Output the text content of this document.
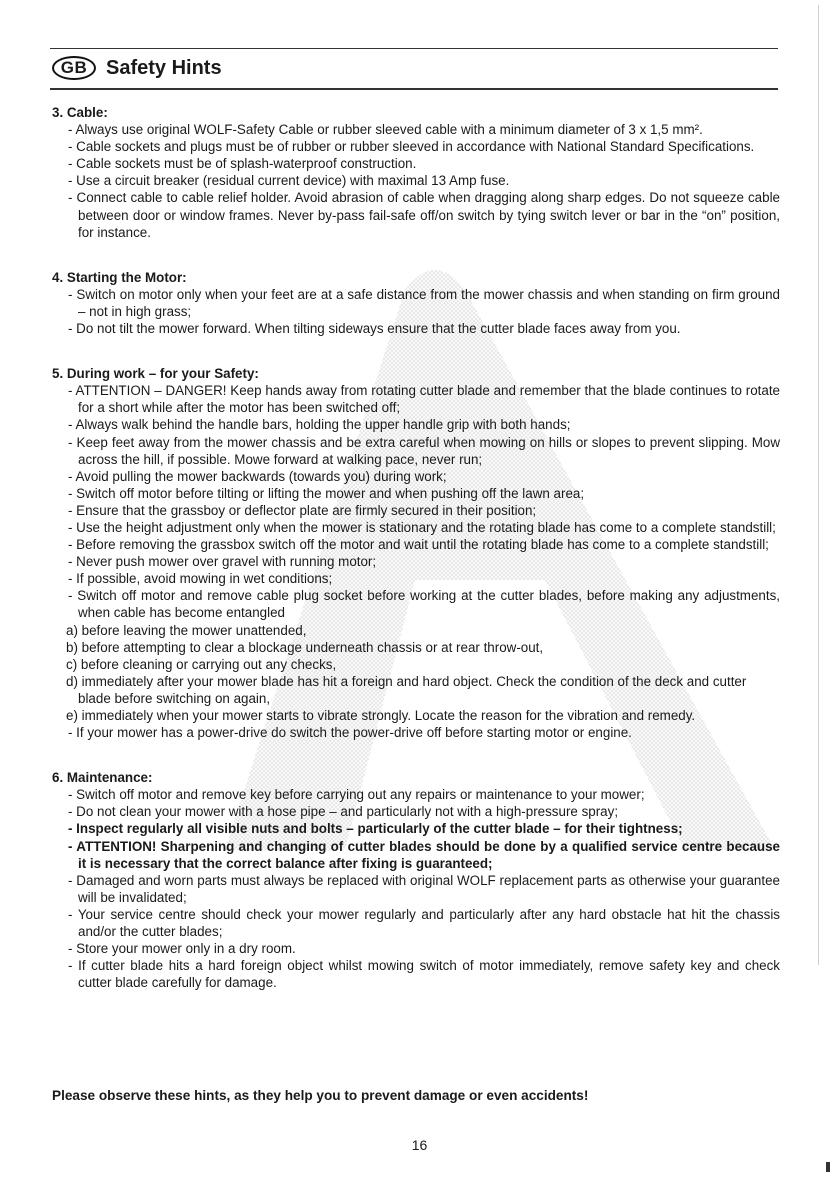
GB Safety Hints
3. Cable:
- Always use original WOLF-Safety Cable or rubber sleeved cable with a minimum diameter of 3 x 1,5 mm².
- Cable sockets and plugs must be of rubber or rubber sleeved in accordance with National Standard Specifications.
- Cable sockets must be of splash-waterproof construction.
- Use a circuit breaker (residual current device) with maximal 13 Amp fuse.
- Connect cable to cable relief holder. Avoid abrasion of cable when dragging along sharp edges. Do not squeeze cable between door or window frames. Never by-pass fail-safe off/on switch by tying switch lever or bar in the “on” position, for instance.
4. Starting the Motor:
- Switch on motor only when your feet are at a safe distance from the mower chassis and when standing on firm ground – not in high grass;
- Do not tilt the mower forward. When tilting sideways ensure that the cutter blade faces away from you.
5. During work – for your Safety:
- ATTENTION – DANGER! Keep hands away from rotating cutter blade and remember that the blade continues to rotate for a short while after the motor has been switched off;
- Always walk behind the handle bars, holding the upper handle grip with both hands;
- Keep feet away from the mower chassis and be extra careful when mowing on hills or slopes to prevent slipping. Mow across the hill, if possible. Mowe forward at walking pace, never run;
- Avoid pulling the mower backwards (towards you) during work;
- Switch off motor before tilting or lifting the mower and when pushing off the lawn area;
- Ensure that the grassboy or deflector plate are firmly secured in their position;
- Use the height adjustment only when the mower is stationary and the rotating blade has come to a complete standstill;
- Before removing the grassbox switch off the motor and wait until the rotating blade has come to a complete standstill;
- Never push mower over gravel with running motor;
- If possible, avoid mowing in wet conditions;
- Switch off motor and remove cable plug socket before working at the cutter blades, before making any adjustments, when cable has become entangled
a) before leaving the mower unattended,
b) before attempting to clear a blockage underneath chassis or at rear throw-out,
c) before cleaning or carrying out any checks,
d) immediately after your mower blade has hit a foreign and hard object. Check the condition of the deck and cutter blade before switching on again,
e) immediately when your mower starts to vibrate strongly. Locate the reason for the vibration and remedy.
- If your mower has a power-drive do switch the power-drive off before starting motor or engine.
6. Maintenance:
- Switch off motor and remove key before carrying out any repairs or maintenance to your mower;
- Do not clean your mower with a hose pipe – and particularly not with a high-pressure spray;
- Inspect regularly all visible nuts and bolts – particularly of the cutter blade – for their tightness;
- ATTENTION! Sharpening and changing of cutter blades should be done by a qualified service centre because it is necessary that the correct balance after fixing is guaranteed;
- Damaged and worn parts must always be replaced with original WOLF replacement parts as otherwise your guarantee will be invalidated;
- Your service centre should check your mower regularly and particularly after any hard obstacle hat hit the chassis and/or the cutter blades;
- Store your mower only in a dry room.
- If cutter blade hits a hard foreign object whilst mowing switch of motor immediately, remove safety key and check cutter blade carefully for damage.
Please observe these hints, as they help you to prevent damage or even accidents!
16
